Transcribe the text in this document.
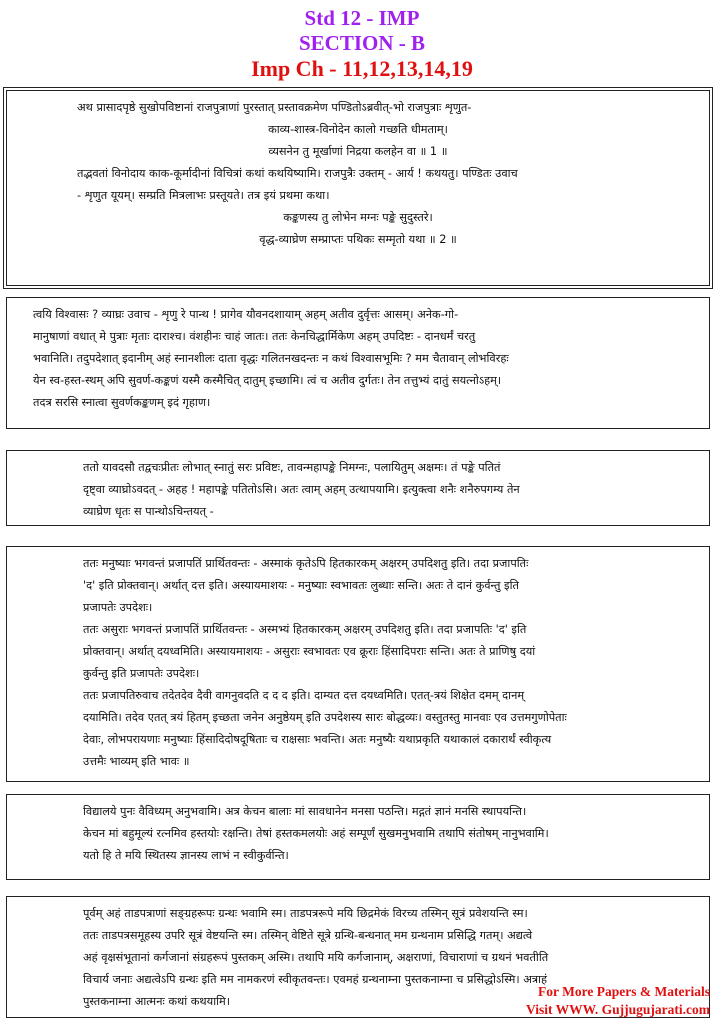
Std 12 - IMP
SECTION - B
Imp Ch - 11,12,13,14,19
अथ प्रासादपृष्ठे सुखोपविष्टानां राजपुत्राणां पुरस्तात् प्रस्तावक्रमेण पण्डितोऽब्रवीत्-भो राजपुत्राः शृणुत-
काव्य-शास्त्र-विनोदेन कालो गच्छति धीमताम्।
व्यसनेन तु मूर्खाणां निद्रया कलहेन वा ॥ 1 ॥
तद्भवतां विनोदाय काक-कूर्मादीनां विचित्रां कथां कथयिष्यामि। राजपुत्रैः उक्तम् - आर्य ! कथयतु। पण्डितः उवाच
- शृणुत यूयम्। सम्प्रति मित्रलाभः प्रस्तूयते। तत्र इयं प्रथमा कथा।
कङ्कणस्य तु लोभेन मग्नः पङ्के सुदुस्तरे।
वृद्ध-व्याघ्रेण सम्प्राप्तः पथिकः सम्मृतो यथा ॥ 2 ॥
त्वयि विश्वासः ? व्याघ्रः उवाच - शृणु रे पान्थ ! प्रागेव यौवनदशायाम् अहम् अतीव दुर्वृत्तः आसम्। अनेक-गो-
मानुषाणां वधात् मे पुत्राः मृताः दाराश्च। वंशहीनः चाहं जातः। ततः केनचिद्धार्मिकेण अहम् उपदिष्टः - दानधर्मं चरतु
भवानिति। तदुपदेशात् इदानीम् अहं स्नानशीलः दाता वृद्धः गलितनखदन्तः न कथं विश्वासभूमिः ? मम चैतावान् लोभविरहः
येन स्व-हस्त-स्थम् अपि सुवर्ण-कङ्कणं यस्मै कस्मैचित् दातुम् इच्छामि। त्वं च अतीव दुर्गतः। तेन तत्तुभ्यं दातुं सयत्नोऽहम्।
तदत्र सरसि स्नात्वा सुवर्णकङ्कणम् इदं गृहाण।
ततो यावदसौ तद्वचःप्रीतः लोभात् स्नातुं सरः प्रविष्टः, तावन्महापङ्के निमग्नः, पलायितुम् अक्षमः। तं पङ्के पतितं
दृष्ट्वा व्याघ्रोऽवदत् - अहह ! महापङ्के पतितोऽसि। अतः त्वाम् अहम् उत्थापयामि। इत्युक्त्वा शनैः शनैरुपगम्य तेन
व्याघ्रेण धृतः स पान्थोऽचिन्तयत् -
ततः मनुष्याः भगवन्तं प्रजापतिं प्रार्थितवन्तः - अस्माकं कृतेऽपि हितकारकम् अक्षरम् उपदिशतु इति। तदा प्रजापतिः
'द' इति प्रोक्तवान्। अर्थात् दत्त इति। अस्यायमाशयः - मनुष्याः स्वभावतः लुब्धाः सन्ति। अतः ते दानं कुर्वन्तु इति
प्रजापतेः उपदेशः।
ततः असुराः भगवन्तं प्रजापतिं प्रार्थितवन्तः - अस्मभ्यं हितकारकम् अक्षरम् उपदिशतु इति। तदा प्रजापतिः 'द' इति
प्रोक्तवान्। अर्थात् दयध्वमिति। अस्यायमाशयः - असुराः स्वभावतः एव क्रूराः हिंसादिपराः सन्ति। अतः ते प्राणिषु दयां
कुर्वन्तु इति प्रजापतेः उपदेशः।
ततः प्रजापतिरुवाच तदेतदेव दैवी वागनुवदति द द द इति। दाम्यत दत्त दयध्वमिति। एतत्-त्रयं शिक्षेत दमम् दानम्
दयामिति। तदेव एतत् त्रयं हितम् इच्छता जनेन अनुष्ठेयम् इति उपदेशस्य सारः बोद्धव्यः। वस्तुतस्तु मानवाः एव उत्तमगुणोपेताः
देवाः, लोभपरायणाः मनुष्याः हिंसादिदोषदूषिताः च राक्षसाः भवन्ति। अतः मनुष्यैः यथाप्रकृति यथाकालं दकारार्थं स्वीकृत्य
उत्तमैः भाव्यम् इति भावः ॥
विद्यालये पुनः वैविध्यम् अनुभवामि। अत्र केचन बालाः मां सावधानेन मनसा पठन्ति। मद्गतं ज्ञानं मनसि स्थापयन्ति।
केचन मां बहुमूल्यं रत्नमिव हस्तयोः रक्षन्ति। तेषां हस्तकमलयोः अहं सम्पूर्णं सुखमनुभवामि तथापि संतोषम् नानुभवामि।
यतो हि ते मयि स्थितस्य ज्ञानस्य लाभं न स्वीकुर्वन्ति।
पूर्वम् अहं ताडपत्राणां सङ्ग्रहरूपः ग्रन्थः भवामि स्म। ताडपत्ररूपे मयि छिद्रमेकं विरच्य तस्मिन् सूत्रं प्रवेशयन्ति स्म।
ततः ताडपत्रसमूहस्य उपरि सूत्रं वेष्टयन्ति स्म। तस्मिन् वेष्टिते सूत्रे ग्रन्थि-बन्धनात् मम ग्रन्थनाम प्रसिद्धि गतम्। अद्यत्वे
अहं वृक्षसंभूतानां कर्गजानां संग्रहरूपं पुस्तकम् अस्मि। तथापि मयि कर्गजानाम्, अक्षराणां, विचाराणां च ग्रथनं भवतीति
विचार्य जनाः अद्यत्वेऽपि ग्रन्थः इति मम नामकरणं स्वीकृतवन्तः। एवमहं ग्रन्थनाम्ना पुस्तकनाम्ना च प्रसिद्धोऽस्मि। अत्राहं
पुस्तकनाम्ना आत्मनः कथां कथयामि।
For More Papers & Materials
Visit WWW. Gujjugujarati.com
